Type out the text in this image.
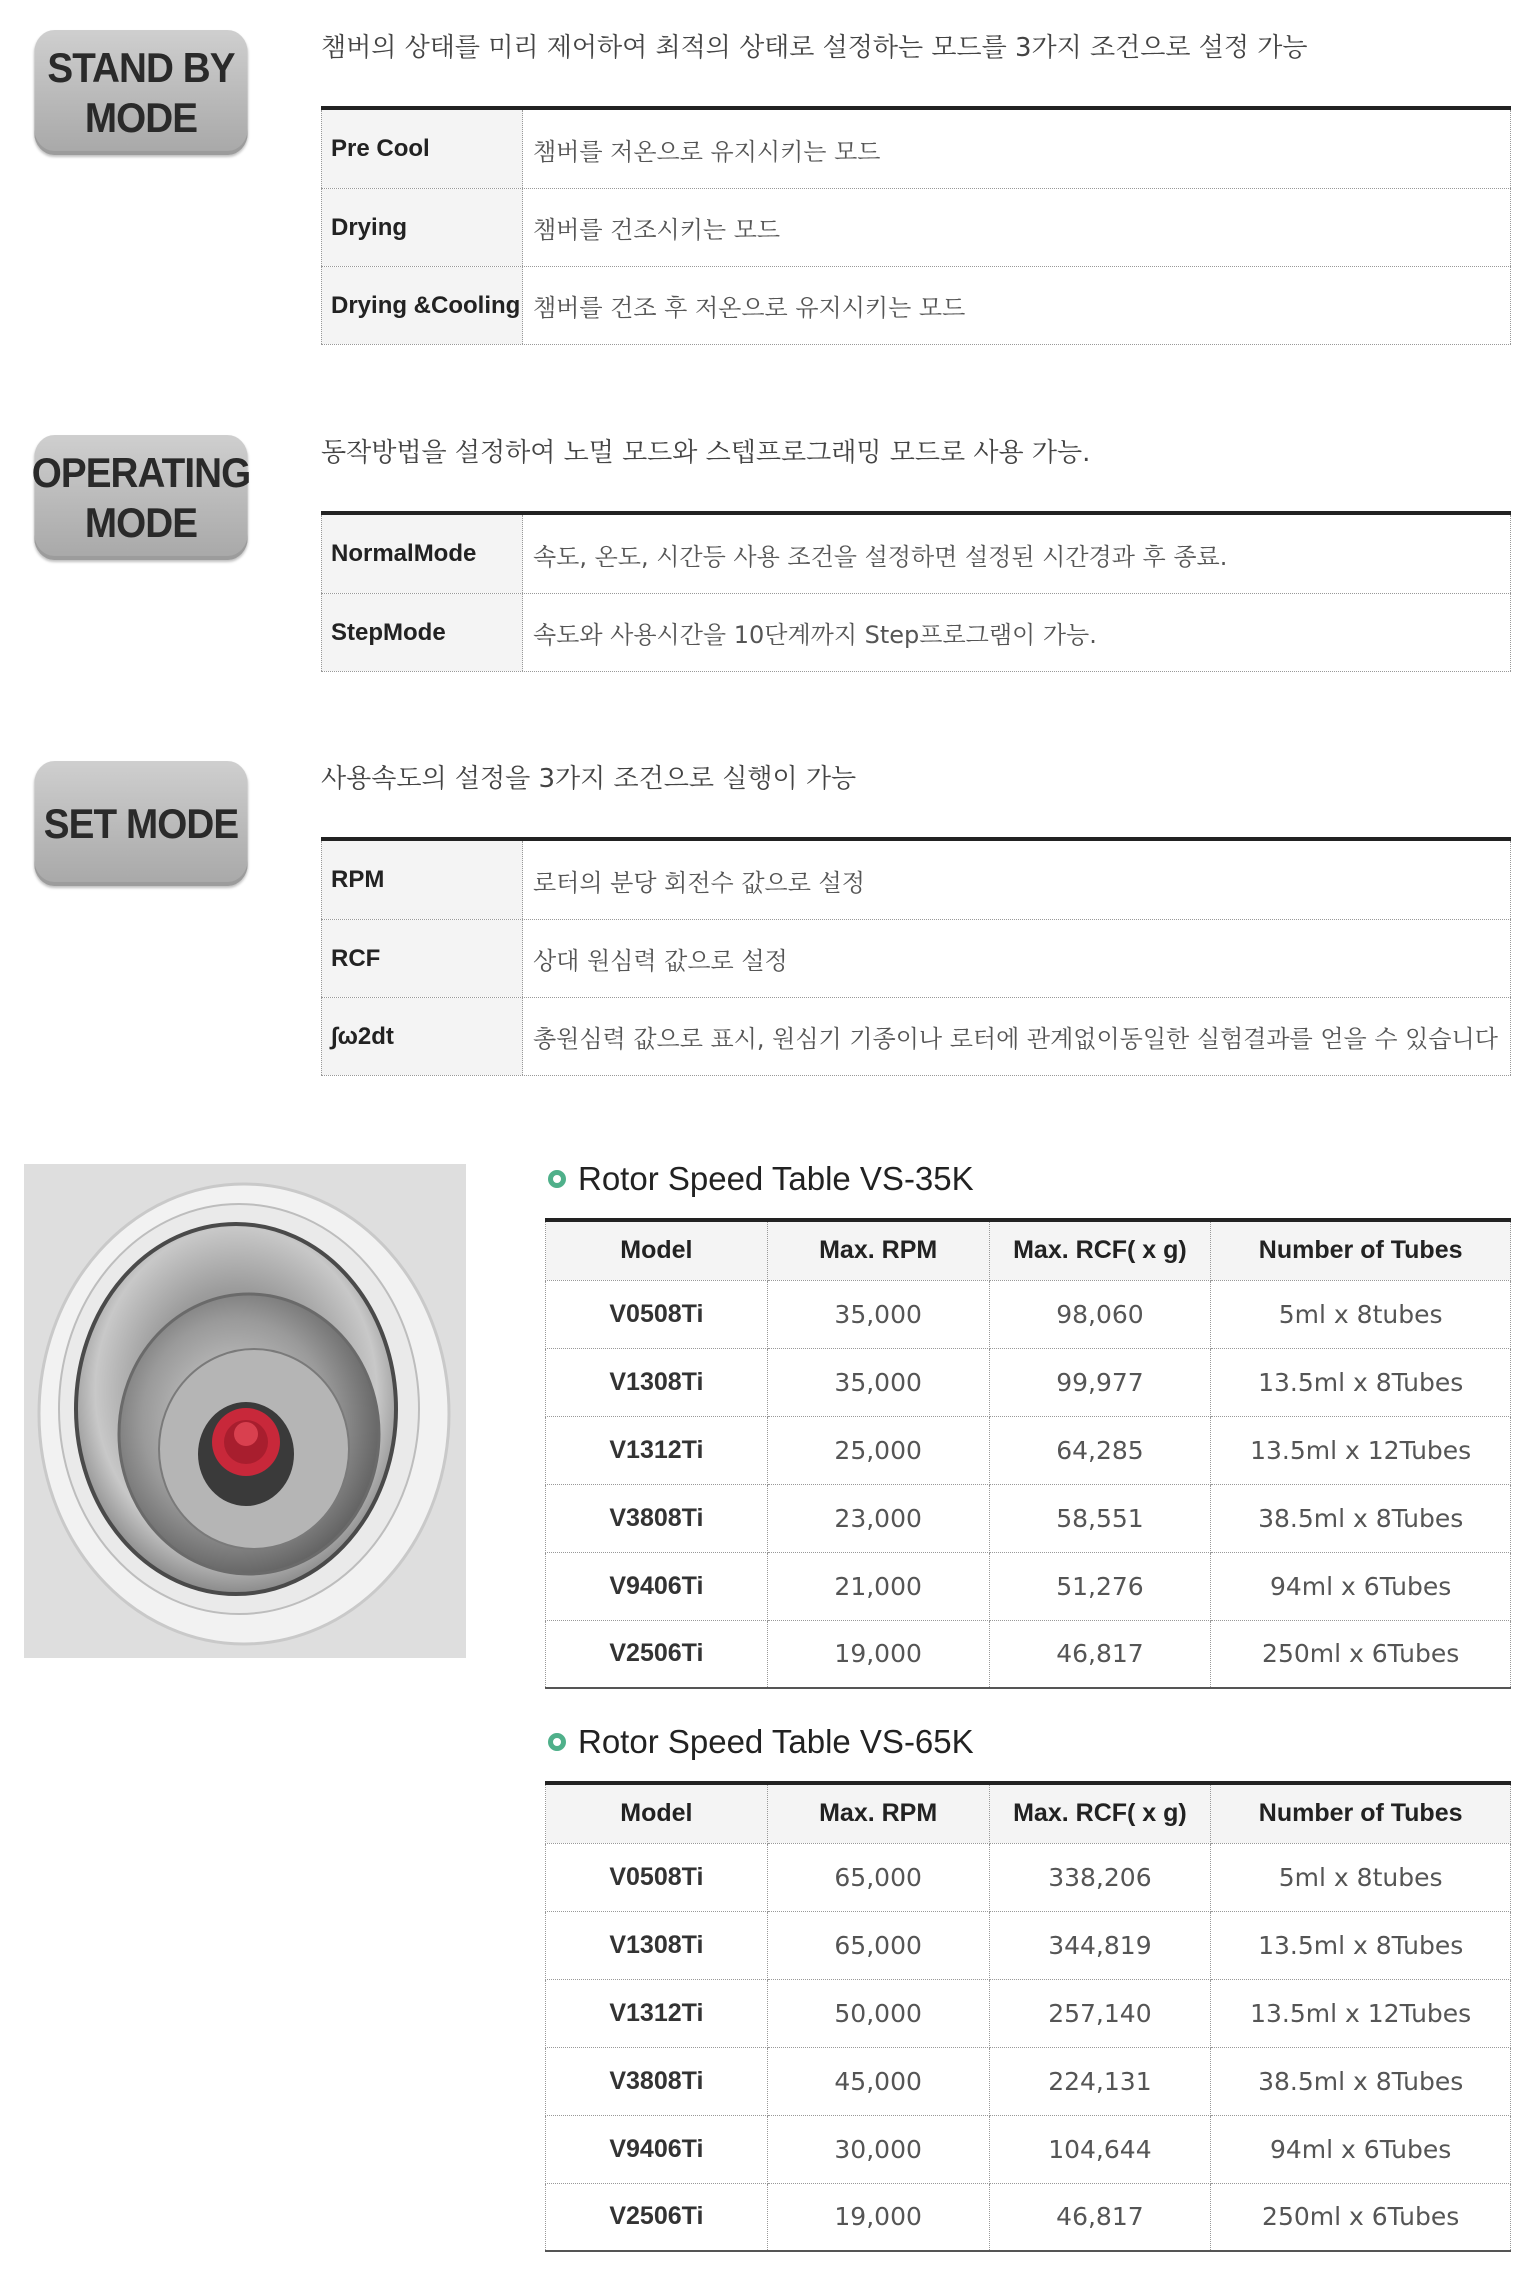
STAND BY
MODE
챔버의 상태를 미리 제어하여 최적의 상태로 설정하는 모드를 3가지 조건으로 설정 가능
Pre Cool	챔버를 저온으로 유지시키는 모드
Drying	챔버를 건조시키는 모드
Drying &Cooling 챔버를 건조 후 저온으로 유지시키는 모드
OPERATING
MODE
동작방법을 설정하여 노멀 모드와 스텝프로그래밍 모드로 사용 가능.
NormalMode	속도, 온도, 시간등 사용 조건을 설정하면 설정된 시간경과 후 종료.
StepMode	속도와 사용시간을 10단계까지 Step프로그램이 가능.
SET MODE
사용속도의 설정을 3가지 조건으로 실행이 가능
RPM	로터의 분당 회전수 값으로 설정
RCF	상대 원심력 값으로 설정
∫ω2dt	총원심력 값으로 표시, 원심기 기종이나 로터에 관계없이동일한 실험결과를 얻을 수 있습니다
Rotor Speed Table VS-35K
Model	Max. RPM	Max. RCF( x g)	Number of Tubes
V0508Ti	35,000	98,060	5ml x 8tubes
V1308Ti	35,000	99,977	13.5ml x 8Tubes
V1312Ti	25,000	64,285	13.5ml x 12Tubes
V3808Ti	23,000	58,551	38.5ml x 8Tubes
V9406Ti	21,000	51,276	94ml x 6Tubes
V2506Ti	19,000	46,817	250ml x 6Tubes
Rotor Speed Table VS-65K
Model	Max. RPM	Max. RCF( x g)	Number of Tubes
V0508Ti	65,000	338,206	5ml x 8tubes
V1308Ti	65,000	344,819	13.5ml x 8Tubes
V1312Ti	50,000	257,140	13.5ml x 12Tubes
V3808Ti	45,000	224,131	38.5ml x 8Tubes
V9406Ti	30,000	104,644	94ml x 6Tubes
V2506Ti	19,000	46,817	250ml x 6Tubes
